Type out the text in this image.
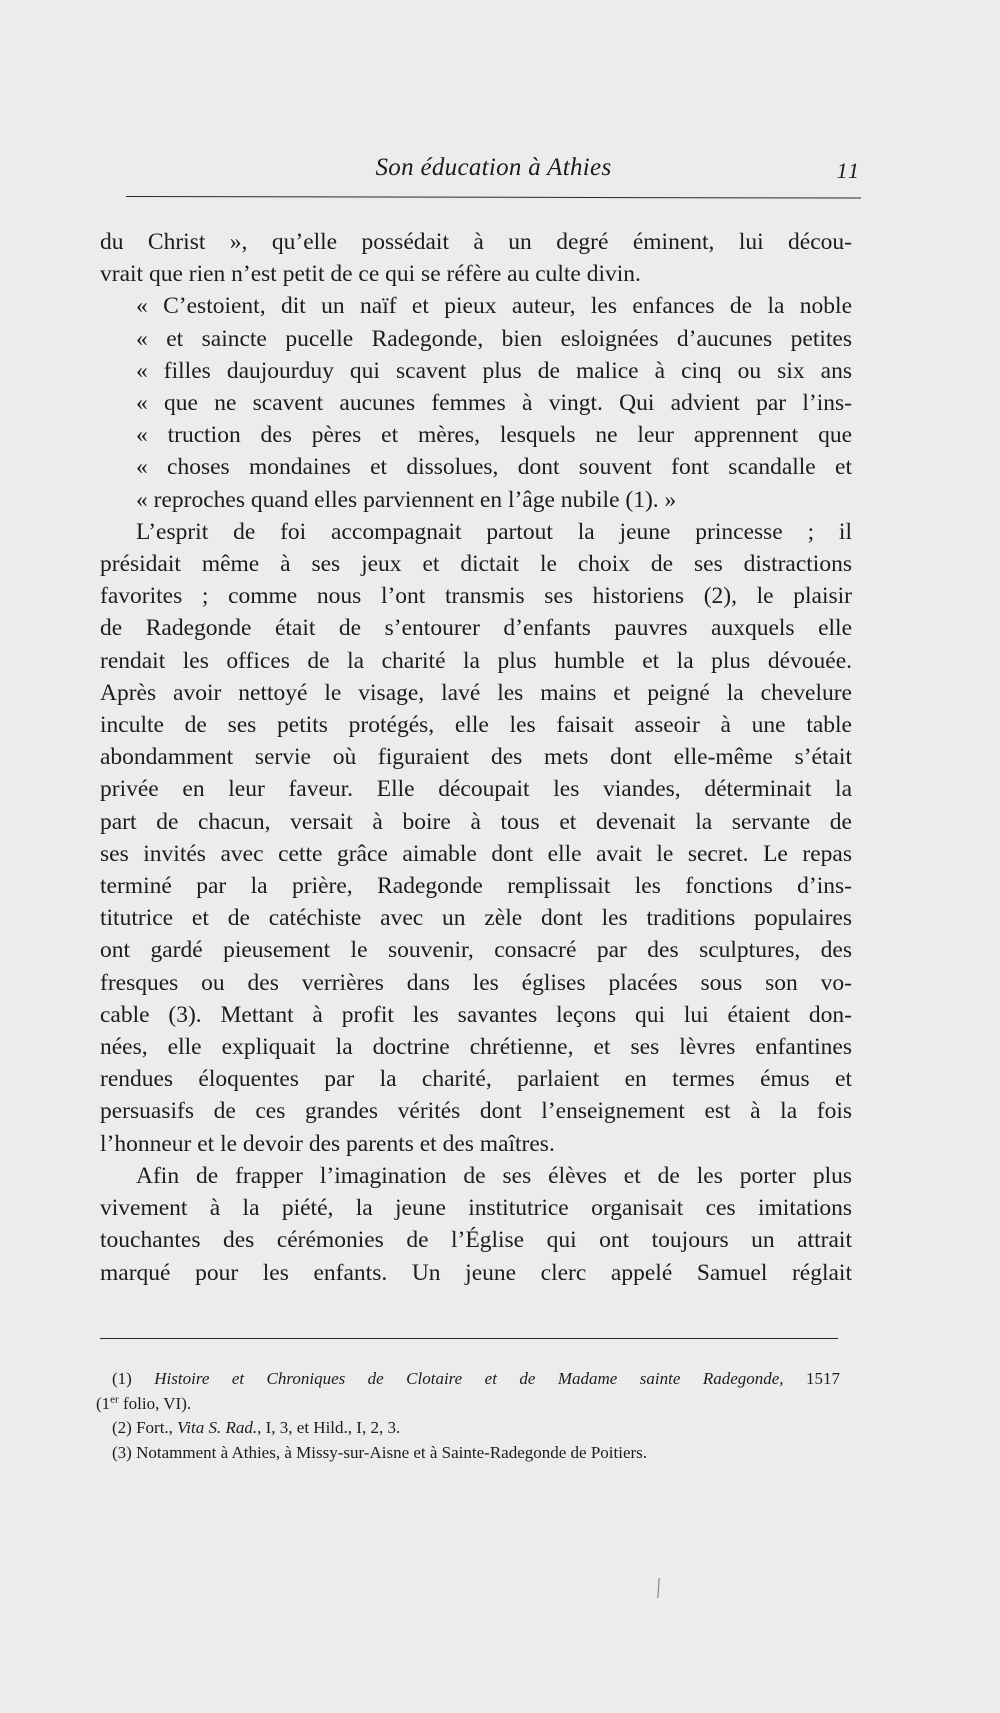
Son éducation à Athies	11
du Christ », qu’elle possédait à un degré éminent, lui décou-
vrait que rien n’est petit de ce qui se réfère au culte divin.
« C’estoient, dit un naïf et pieux auteur, les enfances de la noble
« et saincte pucelle Radegonde, bien esloignées d’aucunes petites
« filles daujourduy qui scavent plus de malice à cinq ou six ans
« que ne scavent aucunes femmes à vingt. Qui advient par l’ins-
« truction des pères et mères, lesquels ne leur apprennent que
« choses mondaines et dissolues, dont souvent font scandalle et
« reproches quand elles parviennent en l’âge nubile (1). »
L’esprit de foi accompagnait partout la jeune princesse ; il
présidait même à ses jeux et dictait le choix de ses distractions
favorites ; comme nous l’ont transmis ses historiens (2), le plaisir
de Radegonde était de s’entourer d’enfants pauvres auxquels elle
rendait les offices de la charité la plus humble et la plus dévouée.
Après avoir nettoyé le visage, lavé les mains et peigné la chevelure
inculte de ses petits protégés, elle les faisait asseoir à une table
abondamment servie où figuraient des mets dont elle-même s’était
privée en leur faveur. Elle découpait les viandes, déterminait la
part de chacun, versait à boire à tous et devenait la servante de
ses invités avec cette grâce aimable dont elle avait le secret. Le repas
terminé par la prière, Radegonde remplissait les fonctions d’ins-
titutrice et de catéchiste avec un zèle dont les traditions populaires
ont gardé pieusement le souvenir, consacré par des sculptures, des
fresques ou des verrières dans les églises placées sous son vo-
cable (3). Mettant à profit les savantes leçons qui lui étaient don-
nées, elle expliquait la doctrine chrétienne, et ses lèvres enfantines
rendues éloquentes par la charité, parlaient en termes émus et
persuasifs de ces grandes vérités dont l’enseignement est à la fois
l’honneur et le devoir des parents et des maîtres.
Afin de frapper l’imagination de ses élèves et de les porter plus
vivement à la piété, la jeune institutrice organisait ces imitations
touchantes des cérémonies de l’Église qui ont toujours un attrait
marqué pour les enfants. Un jeune clerc appelé Samuel réglait
(1) Histoire et Chroniques de Clotaire et de Madame sainte Radegonde, 1517
(1er folio, VI).
(2) Fort., Vita S. Rad., I, 3, et Hild., I, 2, 3.
(3) Notamment à Athies, à Missy-sur-Aisne et à Sainte-Radegonde de Poitiers.
